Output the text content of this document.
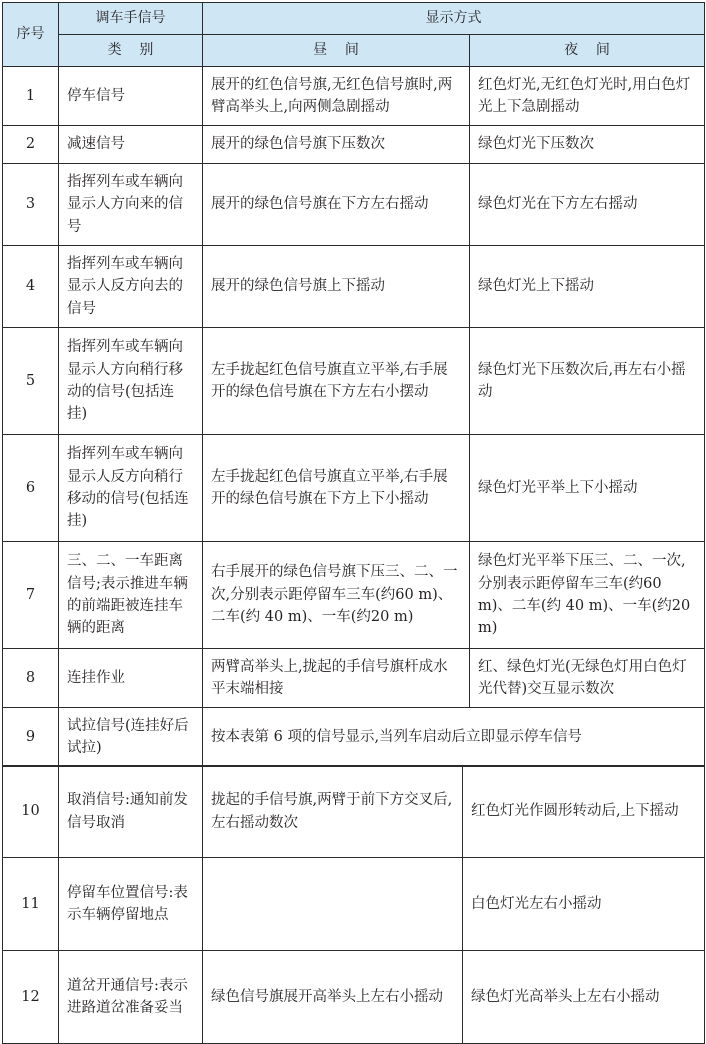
序号	调车手信号	显示方式	
	类    别	昼    间	夜    间
1	停车信号	展开的红色信号旗,无红色信号旗时,两臂高举头上,向两侧急剧摇动	红色灯光,无红色灯光时,用白色灯光上下急剧摇动
2	减速信号	展开的绿色信号旗下压数次	绿色灯光下压数次
3	指挥列车或车辆向显示人方向来的信号	展开的绿色信号旗在下方左右摇动	绿色灯光在下方左右摇动
4	指挥列车或车辆向显示人反方向去的信号	展开的绿色信号旗上下摇动	绿色灯光上下摇动
5	指挥列车或车辆向显示人方向稍行移动的信号(包括连挂)	左手拢起红色信号旗直立平举,右手展开的绿色信号旗在下方左右小摆动	绿色灯光下压数次后,再左右小摇动
6	指挥列车或车辆向显示人反方向稍行移动的信号(包括连挂)	左手拢起红色信号旗直立平举,右手展开的绿色信号旗在下方上下小摇动	绿色灯光平举上下小摇动
7	三、二、一车距离信号;表示推进车辆的前端距被连挂车辆的距离	右手展开的绿色信号旗下压三、二、一次,分别表示距停留车三车(约60 m)、二车(约 40 m)、一车(约20 m)	绿色灯光平举下压三、二、一次,分别表示距停留车三车(约60 m)、二车(约 40 m)、一车(约20 m)
8	连挂作业	两臂高举头上,拢起的手信号旗杆成水平末端相接	红、绿色灯光(无绿色灯用白色灯光代替)交互显示数次
9	试拉信号(连挂好后试拉)	按本表第 6 项的信号显示,当列车启动后立即显示停车信号	
10	取消信号:通知前发信号取消	拢起的手信号旗,两臂于前下方交叉后,左右摇动数次	红色灯光作圆形转动后,上下摇动
11	停留车位置信号:表示车辆停留地点		白色灯光左右小摇动
12	道岔开通信号:表示进路道岔准备妥当	绿色信号旗展开高举头上左右小摇动	绿色灯光高举头上左右小摇动
